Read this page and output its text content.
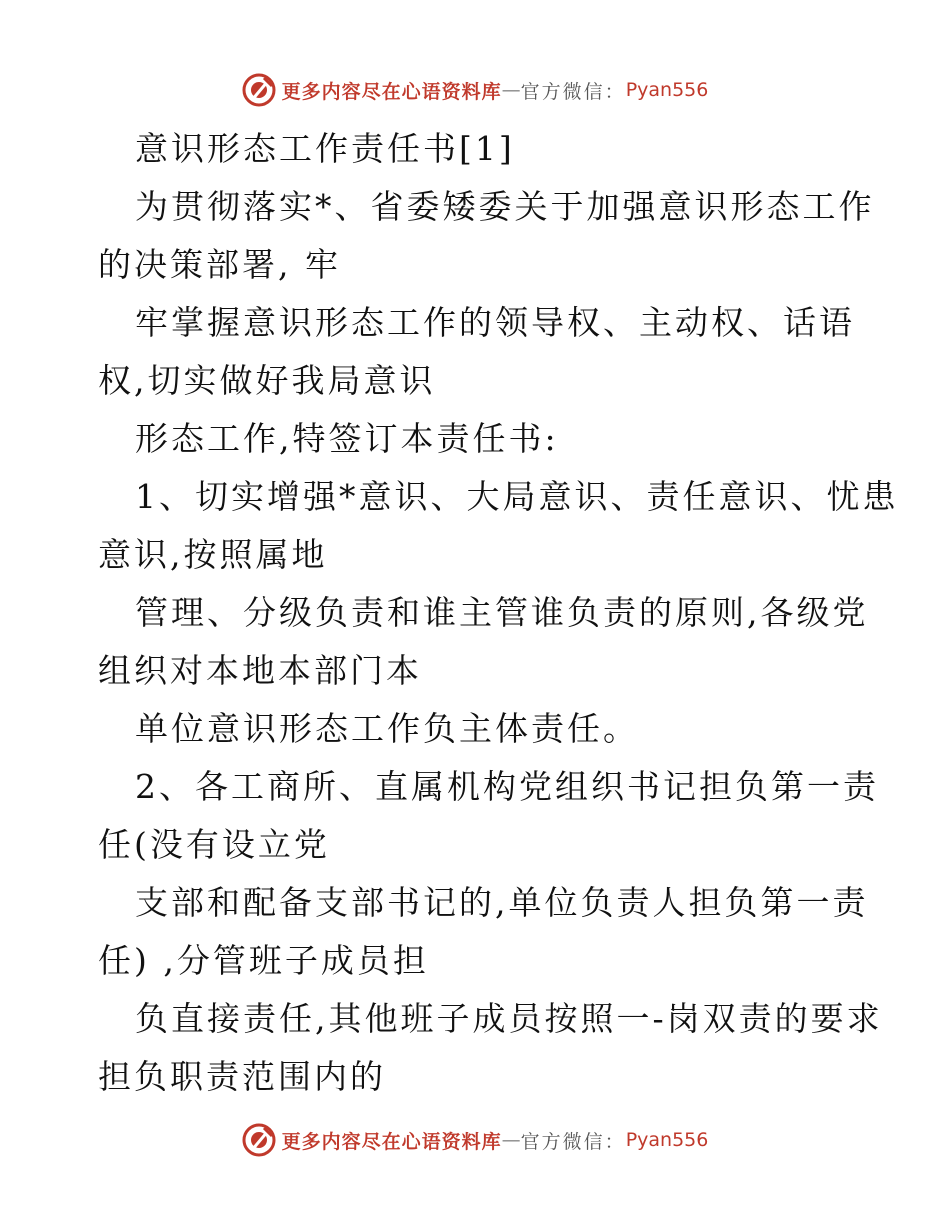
更多内容尽在心语资料库 — 官方微信： Pyan556
意识形态工作责任书[1]
为贯彻落实*、省委矮委关于加强意识形态工作
的决策部署, 牢
牢掌握意识形态工作的领导权、主动权、话语
权,切实做好我局意识
形态工作,特签订本责任书:
1、切实增强*意识、大局意识、责任意识、忧患
意识,按照属地
管理、分级负责和谁主管谁负责的原则,各级党
组织对本地本部门本
单位意识形态工作负主体责任。
2、各工商所、直属机构党组织书记担负第一责
任(没有设立党
支部和配备支部书记的,单位负责人担负第一责
任) ,分管班子成员担
负直接责任,其他班子成员按照一-岗双责的要求
担负职责范围内的
更多内容尽在心语资料库 — 官方微信： Pyan556
